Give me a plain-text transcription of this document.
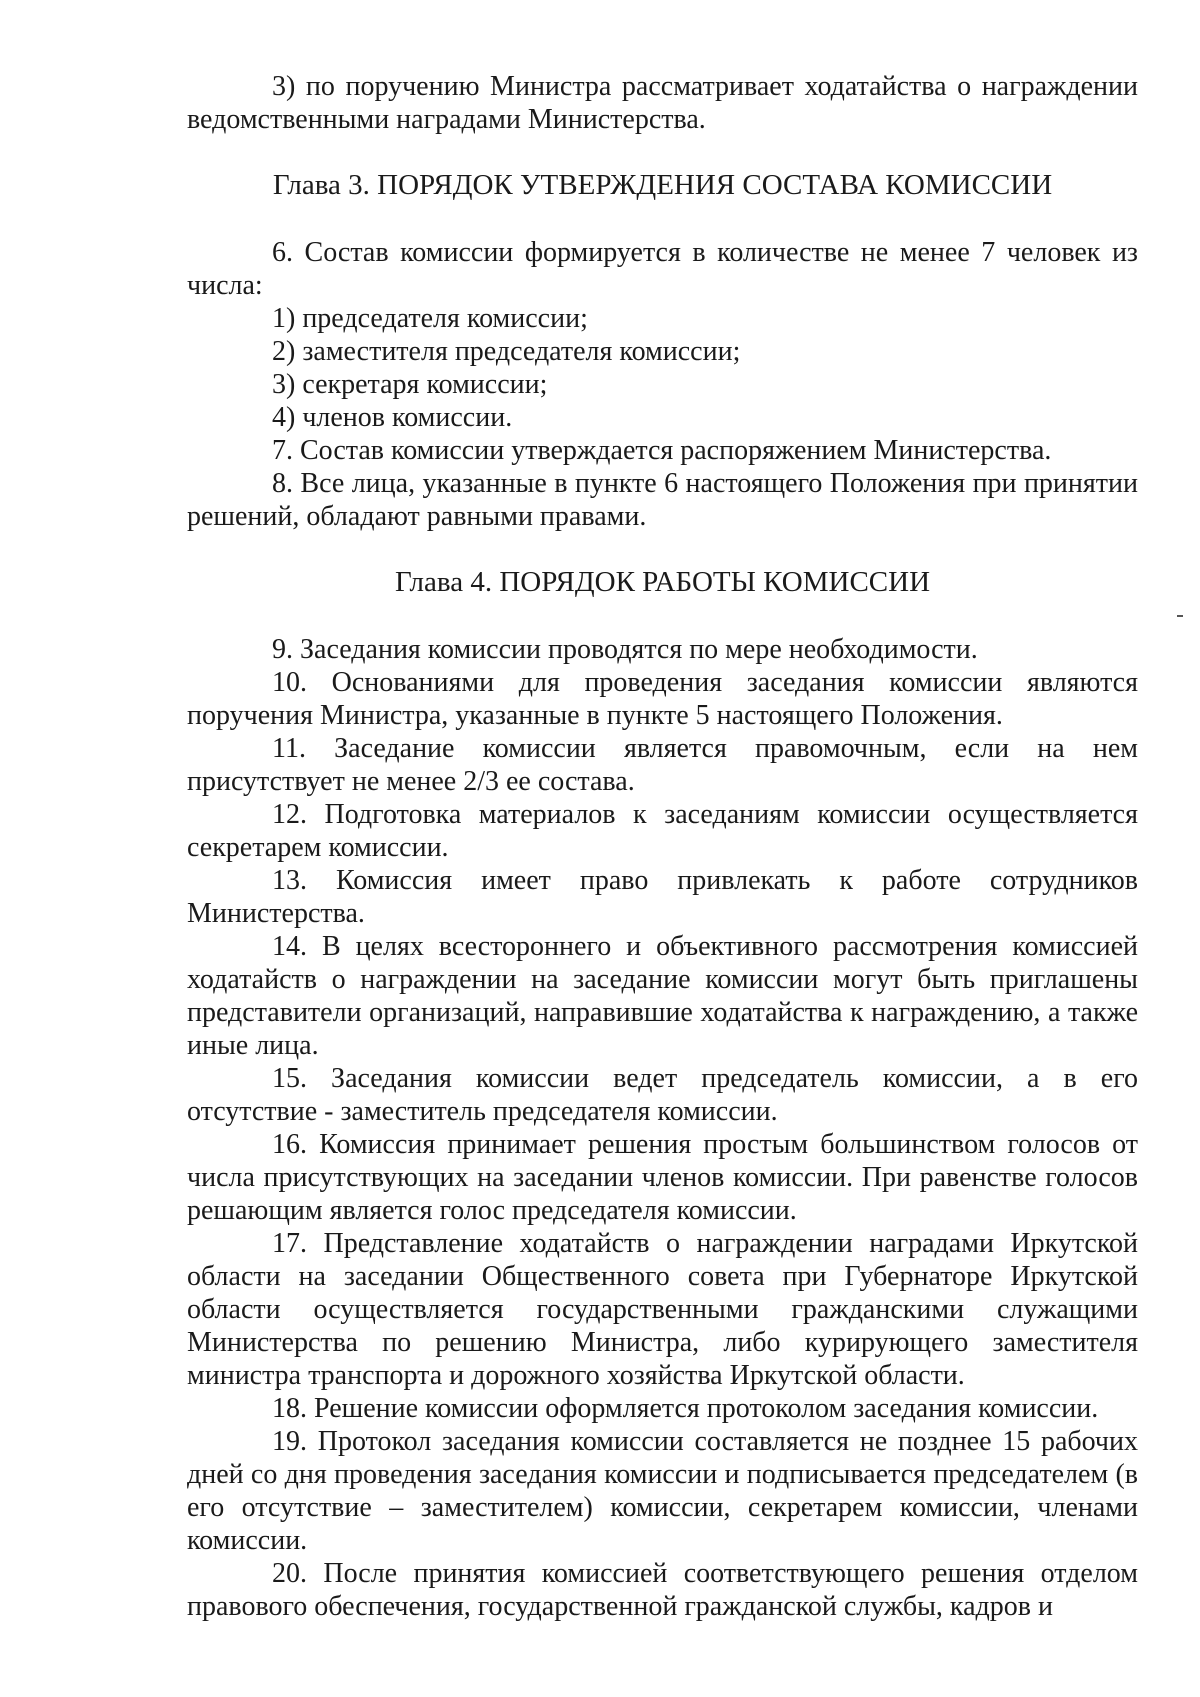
3) по поручению Министра рассматривает ходатайства о награждении ведомственными наградами Министерства.

Глава 3. ПОРЯДОК УТВЕРЖДЕНИЯ СОСТАВА КОМИССИИ

6. Состав комиссии формируется в количестве не менее 7 человек из числа:

1) председателя комиссии;

2) заместителя председателя комиссии;

3) секретаря комиссии;

4) членов комиссии.

7. Состав комиссии утверждается распоряжением Министерства.

8. Все лица, указанные в пункте 6 настоящего Положения при принятии решений, обладают равными правами.

Глава 4. ПОРЯДОК РАБОТЫ КОМИССИИ

9. Заседания комиссии проводятся по мере необходимости.

10. Основаниями для проведения заседания комиссии являются поручения Министра, указанные в пункте 5 настоящего Положения.

11. Заседание комиссии является правомочным, если на нем присутствует не менее 2/3 ее состава.

12. Подготовка материалов к заседаниям комиссии осуществляется секретарем комиссии.

13. Комиссия имеет право привлекать к работе сотрудников Министерства.

14. В целях всестороннего и объективного рассмотрения комиссией ходатайств о награждении на заседание комиссии могут быть приглашены представители организаций, направившие ходатайства к награждению, а также иные лица.

15. Заседания комиссии ведет председатель комиссии, а в его отсутствие - заместитель председателя комиссии.

16. Комиссия принимает решения простым большинством голосов от числа присутствующих на заседании членов комиссии. При равенстве голосов решающим является голос председателя комиссии.

17. Представление ходатайств о награждении наградами Иркутской области на заседании Общественного совета при Губернаторе Иркутской области осуществляется государственными гражданскими служащими Министерства по решению Министра, либо курирующего заместителя министра транспорта и дорожного хозяйства Иркутской области.

18. Решение комиссии оформляется протоколом заседания комиссии.

19. Протокол заседания комиссии составляется не позднее 15 рабочих дней со дня проведения заседания комиссии и подписывается председателем (в его отсутствие – заместителем) комиссии, секретарем комиссии, членами комиссии.

20. После принятия комиссией соответствующего решения отделом правового обеспечения, государственной гражданской службы, кадров и
